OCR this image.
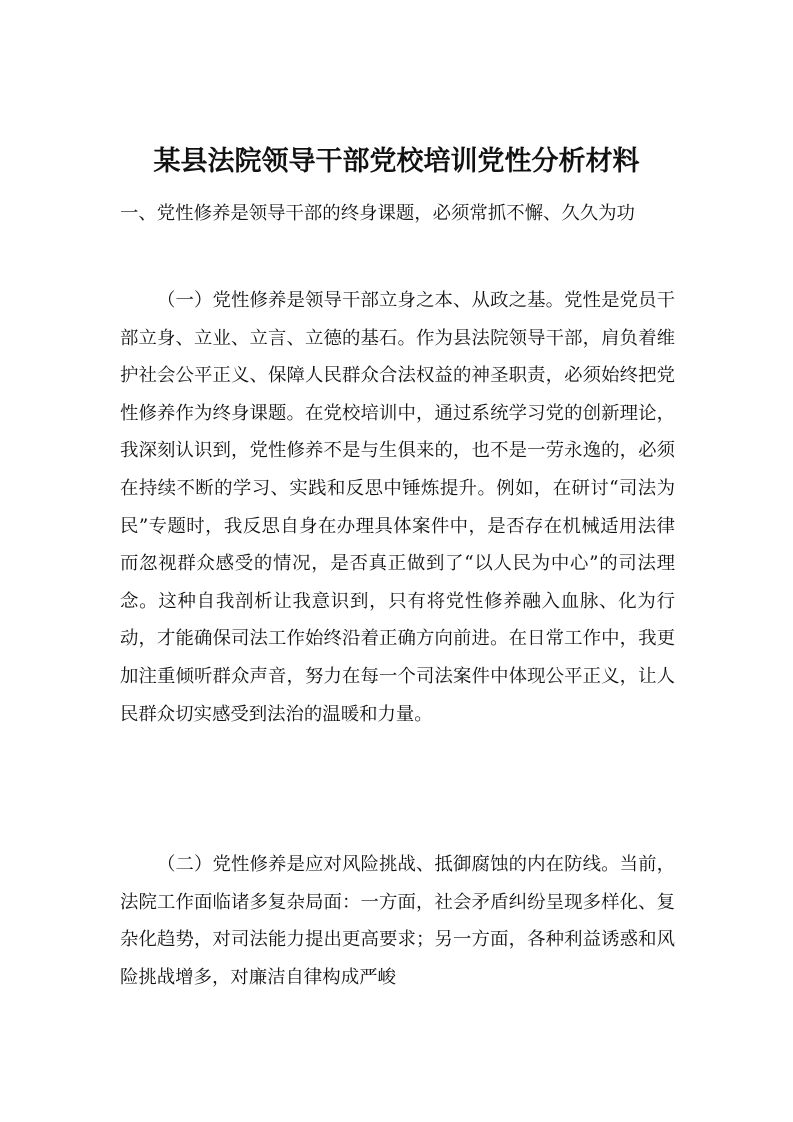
某县法院领导干部党校培训党性分析材料

一、党性修养是领导干部的终身课题，必须常抓不懈、久久为功

（一）党性修养是领导干部立身之本、从政之基。党性是党员干部立身、立业、立言、立德的基石。作为县法院领导干部，肩负着维护社会公平正义、保障人民群众合法权益的神圣职责，必须始终把党性修养作为终身课题。在党校培训中，通过系统学习党的创新理论，我深刻认识到，党性修养不是与生俱来的，也不是一劳永逸的，必须在持续不断的学习、实践和反思中锤炼提升。例如，在研讨“司法为民”专题时，我反思自身在办理具体案件中，是否存在机械适用法律而忽视群众感受的情况，是否真正做到了“以人民为中心”的司法理念。这种自我剖析让我意识到，只有将党性修养融入血脉、化为行动，才能确保司法工作始终沿着正确方向前进。在日常工作中，我更加注重倾听群众声音，努力在每一个司法案件中体现公平正义，让人民群众切实感受到法治的温暖和力量。

（二）党性修养是应对风险挑战、抵御腐蚀的内在防线。当前，法院工作面临诸多复杂局面：一方面，社会矛盾纠纷呈现多样化、复杂化趋势，对司法能力提出更高要求；另一方面，各种利益诱惑和风险挑战增多，对廉洁自律构成严峻
